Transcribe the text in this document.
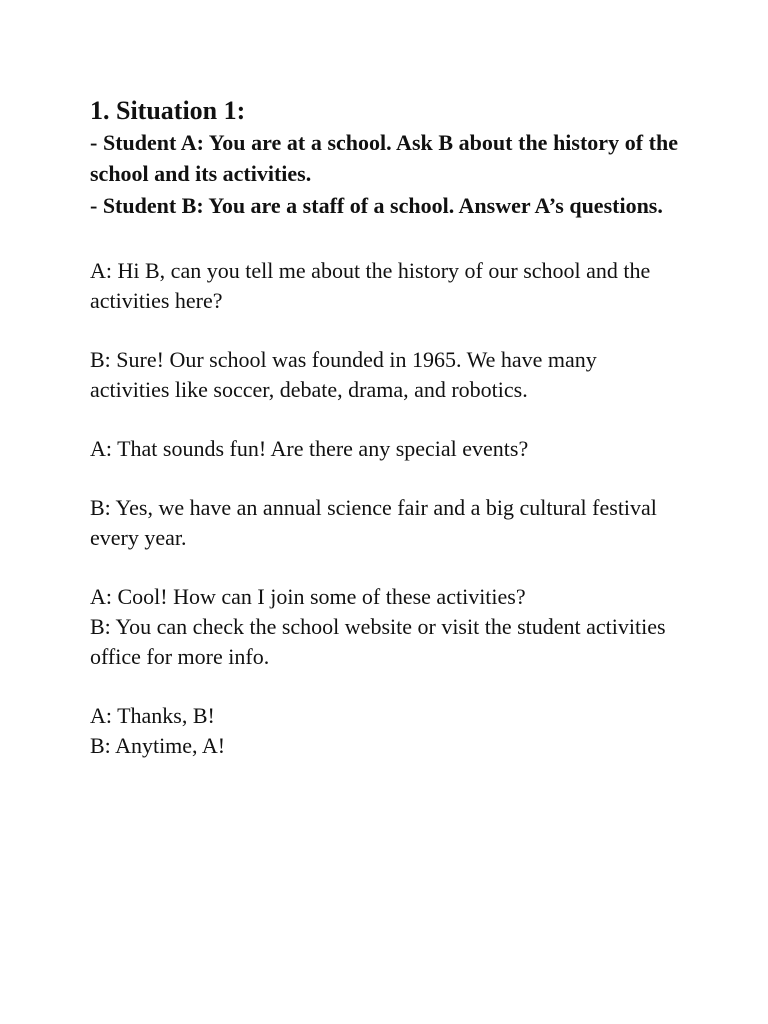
1. Situation 1:

- Student A: You are at a school. Ask B about the history of the school and its activities.

- Student B: You are a staff of a school. Answer A’s questions.

A: Hi B, can you tell me about the history of our school and the activities here?

B: Sure! Our school was founded in 1965. We have many activities like soccer, debate, drama, and robotics.

A: That sounds fun! Are there any special events?

B: Yes, we have an annual science fair and a big cultural festival every year.

A: Cool! How can I join some of these activities?

B: You can check the school website or visit the student activities office for more info.

A: Thanks, B!

B: Anytime, A!
